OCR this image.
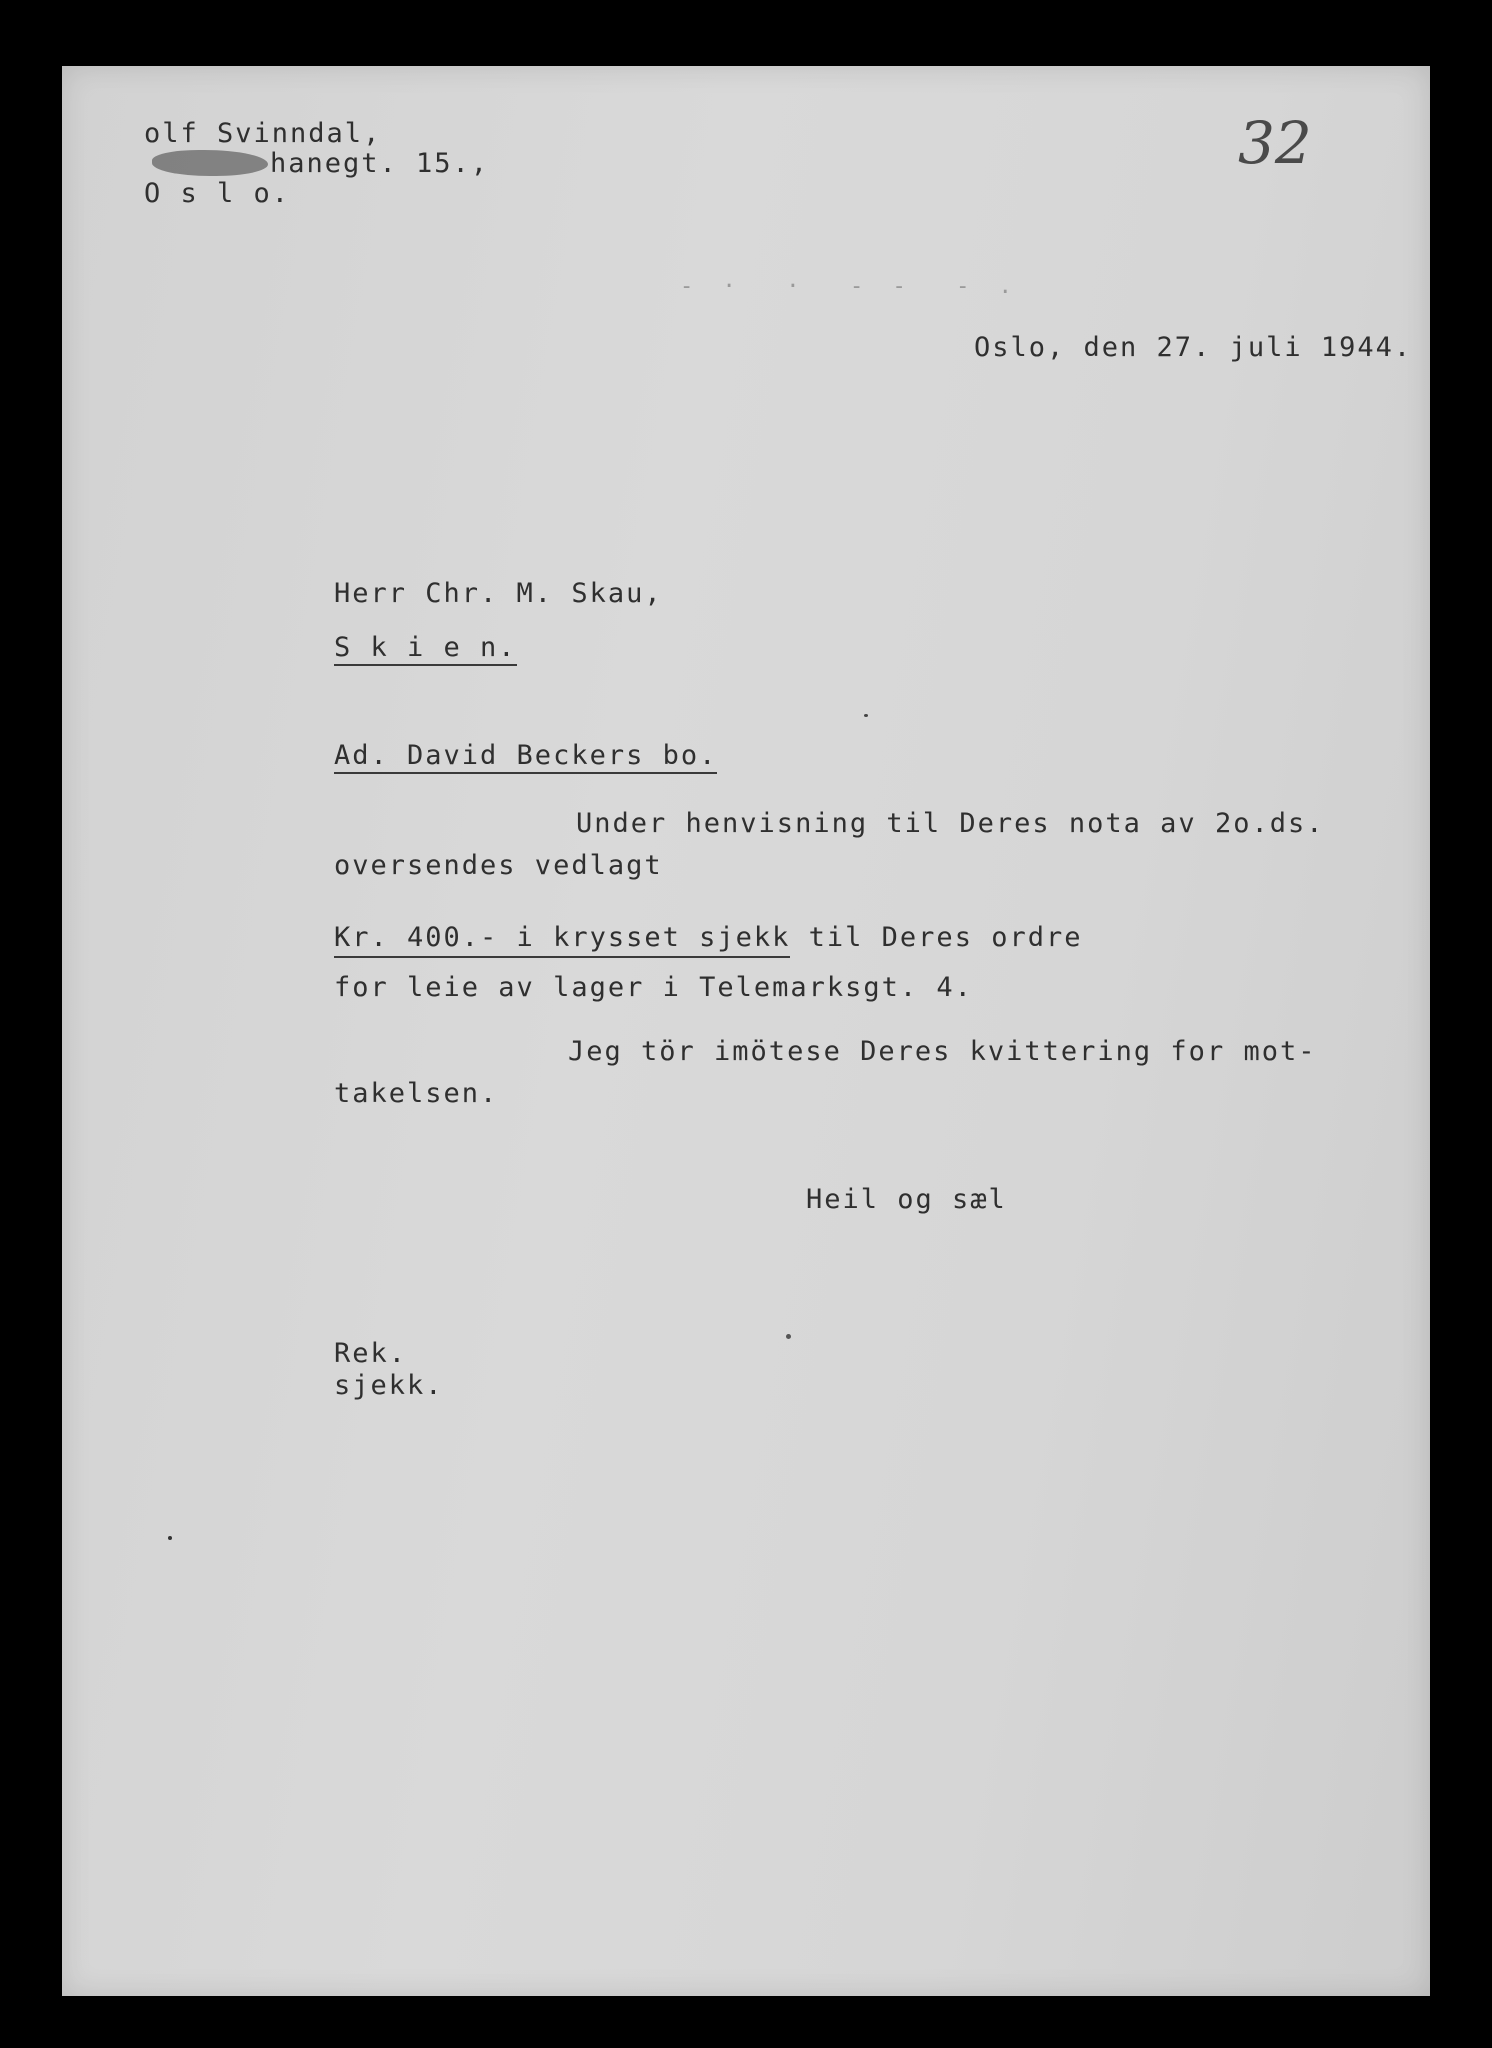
olf Svinndal,
hanegt. 15.,
O s l o.
32
- ·  ·  - -  - .
Oslo, den 27. juli 1944.
Herr Chr. M. Skau,
S k i e n.
Ad. David Beckers bo.
Under henvisning til Deres nota av 2o.ds.
oversendes vedlagt
Kr. 400.- i krysset sjekk til Deres ordre
for leie av lager i Telemarksgt. 4.
Jeg tör imötese Deres kvittering for mot-
takelsen.
Heil og sæl
Rek.
sjekk.
